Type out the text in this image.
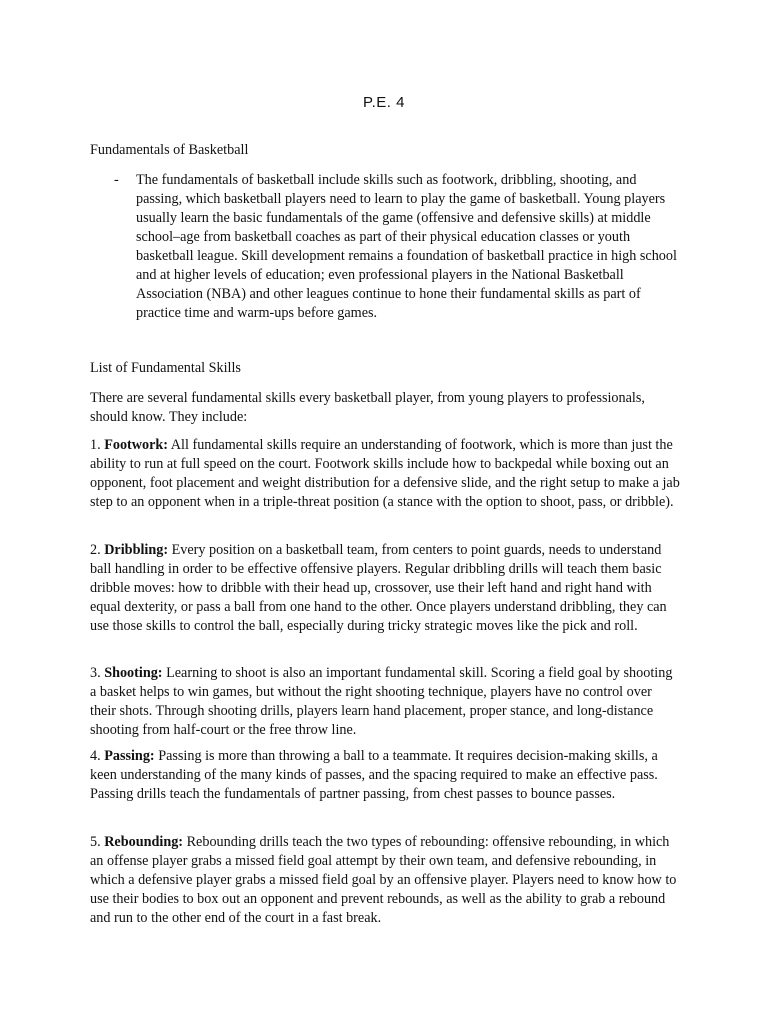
P.E. 4
Fundamentals of Basketball
-	The fundamentals of basketball include skills such as footwork, dribbling, shooting, and passing, which basketball players need to learn to play the game of basketball. Young players usually learn the basic fundamentals of the game (offensive and defensive skills) at middle school–age from basketball coaches as part of their physical education classes or youth basketball league. Skill development remains a foundation of basketball practice in high school and at higher levels of education; even professional players in the National Basketball Association (NBA) and other leagues continue to hone their fundamental skills as part of practice time and warm-ups before games.
List of Fundamental Skills
There are several fundamental skills every basketball player, from young players to professionals, should know. They include:
1. Footwork: All fundamental skills require an understanding of footwork, which is more than just the ability to run at full speed on the court. Footwork skills include how to backpedal while boxing out an opponent, foot placement and weight distribution for a defensive slide, and the right setup to make a jab step to an opponent when in a triple-threat position (a stance with the option to shoot, pass, or dribble).
2. Dribbling: Every position on a basketball team, from centers to point guards, needs to understand ball handling in order to be effective offensive players. Regular dribbling drills will teach them basic dribble moves: how to dribble with their head up, crossover, use their left hand and right hand with equal dexterity, or pass a ball from one hand to the other. Once players understand dribbling, they can use those skills to control the ball, especially during tricky strategic moves like the pick and roll.
3. Shooting: Learning to shoot is also an important fundamental skill. Scoring a field goal by shooting a basket helps to win games, but without the right shooting technique, players have no control over their shots. Through shooting drills, players learn hand placement, proper stance, and long-distance shooting from half-court or the free throw line.
4. Passing: Passing is more than throwing a ball to a teammate. It requires decision-making skills, a keen understanding of the many kinds of passes, and the spacing required to make an effective pass. Passing drills teach the fundamentals of partner passing, from chest passes to bounce passes.
5. Rebounding: Rebounding drills teach the two types of rebounding: offensive rebounding, in which an offense player grabs a missed field goal attempt by their own team, and defensive rebounding, in which a defensive player grabs a missed field goal by an offensive player. Players need to know how to use their bodies to box out an opponent and prevent rebounds, as well as the ability to grab a rebound and run to the other end of the court in a fast break.
